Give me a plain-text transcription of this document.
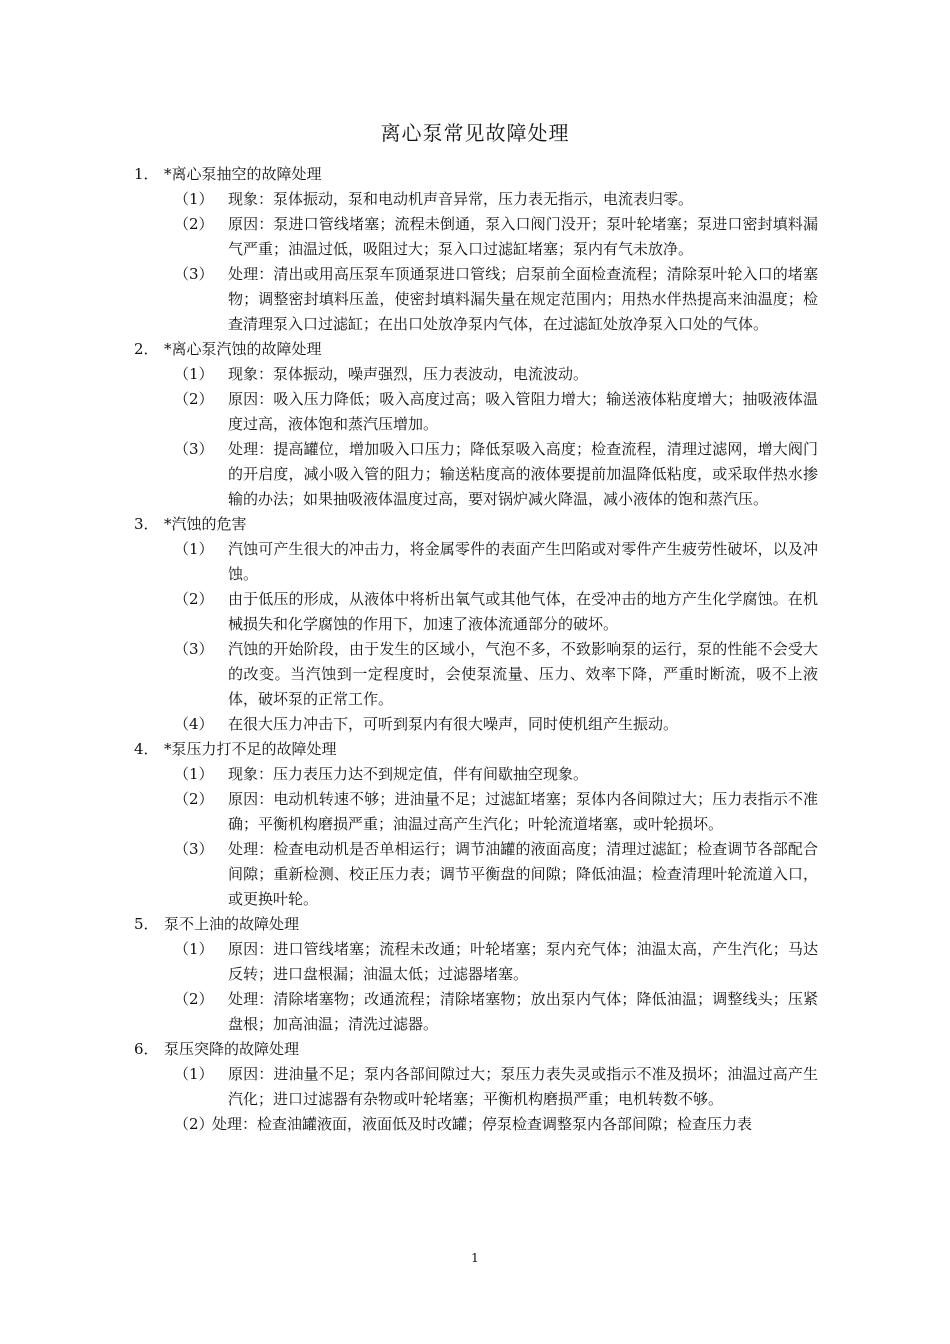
离心泵常见故障处理
1． *离心泵抽空的故障处理
（1） 现象：泵体振动，泵和电动机声音异常，压力表无指示，电流表归零。
（2） 原因：泵进口管线堵塞；流程未倒通，泵入口阀门没开；泵叶轮堵塞；泵进口密封填料漏气严重；油温过低，吸阻过大；泵入口过滤缸堵塞；泵内有气未放净。
（3） 处理：清出或用高压泵车顶通泵进口管线；启泵前全面检查流程；清除泵叶轮入口的堵塞物；调整密封填料压盖，使密封填料漏失量在规定范围内；用热水伴热提高来油温度；检查清理泵入口过滤缸；在出口处放净泵内气体，在过滤缸处放净泵入口处的气体。
2． *离心泵汽蚀的故障处理
（1） 现象：泵体振动，噪声强烈，压力表波动，电流波动。
（2） 原因：吸入压力降低；吸入高度过高；吸入管阻力增大；输送液体粘度增大；抽吸液体温度过高，液体饱和蒸汽压增加。
（3） 处理：提高罐位，增加吸入口压力；降低泵吸入高度；检查流程，清理过滤网，增大阀门的开启度，减小吸入管的阻力；输送粘度高的液体要提前加温降低粘度，或采取伴热水掺输的办法；如果抽吸液体温度过高，要对锅炉减火降温，减小液体的饱和蒸汽压。
3． *汽蚀的危害
（1） 汽蚀可产生很大的冲击力，将金属零件的表面产生凹陷或对零件产生疲劳性破坏，以及冲蚀。
（2） 由于低压的形成，从液体中将析出氧气或其他气体，在受冲击的地方产生化学腐蚀。在机械损失和化学腐蚀的作用下，加速了液体流通部分的破坏。
（3） 汽蚀的开始阶段，由于发生的区域小，气泡不多，不致影响泵的运行，泵的性能不会受大的改变。当汽蚀到一定程度时，会使泵流量、压力、效率下降，严重时断流，吸不上液体，破坏泵的正常工作。
（4） 在很大压力冲击下，可听到泵内有很大噪声，同时使机组产生振动。
4． *泵压力打不足的故障处理
（1） 现象：压力表压力达不到规定值，伴有间歇抽空现象。
（2） 原因：电动机转速不够；进油量不足；过滤缸堵塞；泵体内各间隙过大；压力表指示不准确；平衡机构磨损严重；油温过高产生汽化；叶轮流道堵塞，或叶轮损坏。
（3） 处理：检查电动机是否单相运行；调节油罐的液面高度；清理过滤缸；检查调节各部配合间隙；重新检测、校正压力表；调节平衡盘的间隙；降低油温；检查清理叶轮流道入口，或更换叶轮。
5． 泵不上油的故障处理
（1） 原因：进口管线堵塞；流程未改通；叶轮堵塞；泵内充气体；油温太高，产生汽化；马达反转；进口盘根漏；油温太低；过滤器堵塞。
（2） 处理：清除堵塞物；改通流程；清除堵塞物；放出泵内气体；降低油温；调整线头；压紧盘根；加高油温；清洗过滤器。
6． 泵压突降的故障处理
（1） 原因：进油量不足；泵内各部间隙过大；泵压力表失灵或指示不准及损坏；油温过高产生汽化；进口过滤器有杂物或叶轮堵塞；平衡机构磨损严重；电机转数不够。
（2）
处理：检查油罐液面，液面低及时改罐；停泵检查调整泵内各部间隙；检查压力表
1
